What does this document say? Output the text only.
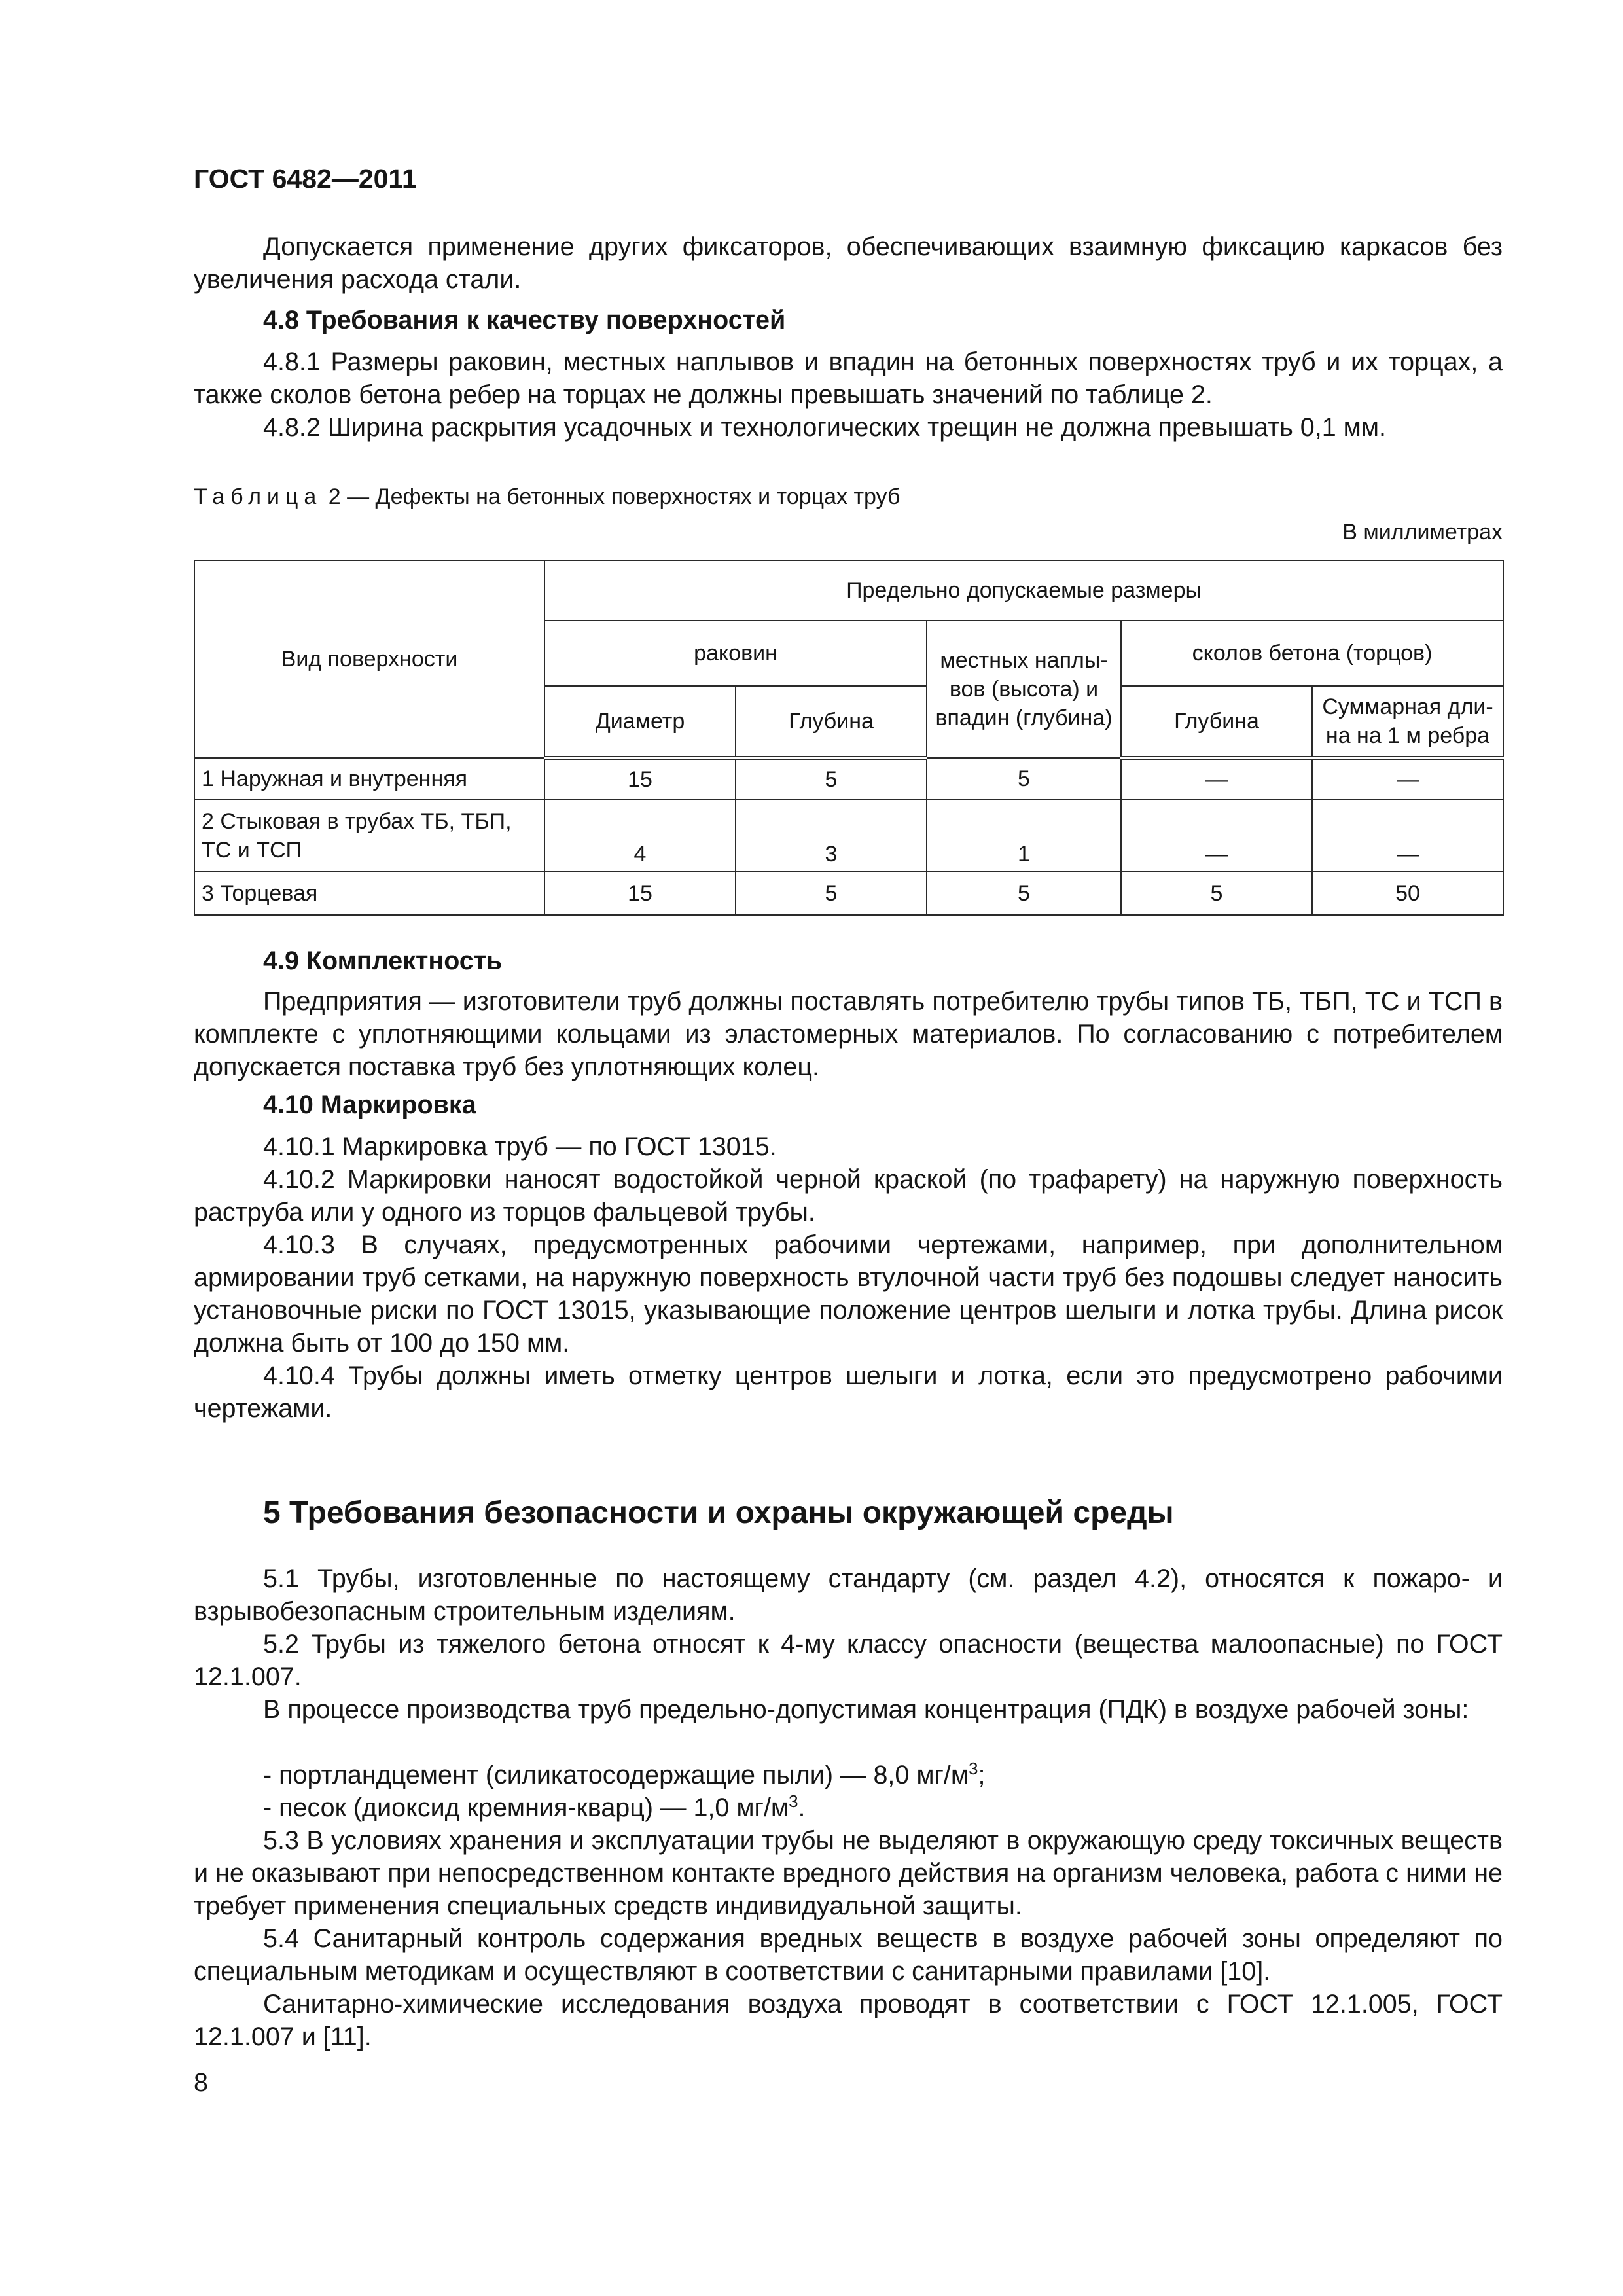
ГОСТ 6482—2011
Допускается применение других фиксаторов, обеспечивающих взаимную фиксацию каркасов без увеличения расхода стали.
4.8 Требования к качеству поверхностей
4.8.1 Размеры раковин, местных наплывов и впадин на бетонных поверхностях труб и их торцах, а также сколов бетона ребер на торцах не должны превышать значений по таблице 2.
4.8.2 Ширина раскрытия усадочных и технологических трещин не должна превышать 0,1 мм.
Таблица 2 — Дефекты на бетонных поверхностях и торцах труб
В миллиметрах
Вид поверхности	Предельно допускаемые размеры				
	раковин		местных наплы-вов (высота) и впадин (глубина)	сколов бетона (торцов)	
	Диаметр	Глубина		Глубина	Суммарная дли-на на 1 м ребра
1 Наружная и внутренняя	15	5	5	—	—
2 Стыковая в трубах ТБ, ТБП, ТС и ТСП	4	3	1	—	—
3 Торцевая	15	5	5	5	50
4.9 Комплектность
Предприятия — изготовители труб должны поставлять потребителю трубы типов ТБ, ТБП, ТС и ТСП в комплекте с уплотняющими кольцами из эластомерных материалов. По согласованию с потребителем допускается поставка труб без уплотняющих колец.
4.10 Маркировка
4.10.1 Маркировка труб — по ГОСТ 13015.
4.10.2 Маркировки наносят водостойкой черной краской (по трафарету) на наружную поверхность раструба или у одного из торцов фальцевой трубы.
4.10.3 В случаях, предусмотренных рабочими чертежами, например, при дополнительном армировании труб сетками, на наружную поверхность втулочной части труб без подошвы следует наносить установочные риски по ГОСТ 13015, указывающие положение центров шелыги и лотка трубы. Длина рисок должна быть от 100 до 150 мм.
4.10.4 Трубы должны иметь отметку центров шелыги и лотка, если это предусмотрено рабочими чертежами.
5 Требования безопасности и охраны окружающей среды
5.1 Трубы, изготовленные по настоящему стандарту (см. раздел 4.2), относятся к пожаро- и взрывобезопасным строительным изделиям.
5.2 Трубы из тяжелого бетона относят к 4-му классу опасности (вещества малоопасные) по ГОСТ 12.1.007.
В процессе производства труб предельно-допустимая концентрация (ПДК) в воздухе рабочей зоны:
- портландцемент (силикатосодержащие пыли) — 8,0 $мг/м^3$;
- песок (диоксид кремния-кварц) — 1,0 $мг/м^3$.
5.3 В условиях хранения и эксплуатации трубы не выделяют в окружающую среду токсичных веществ и не оказывают при непосредственном контакте вредного действия на организм человека, работа с ними не требует применения специальных средств индивидуальной защиты.
5.4 Санитарный контроль содержания вредных веществ в воздухе рабочей зоны определяют по специальным методикам и осуществляют в соответствии с санитарными правилами [10].
Санитарно-химические исследования воздуха проводят в соответствии с ГОСТ 12.1.005, ГОСТ 12.1.007 и [11].
8
